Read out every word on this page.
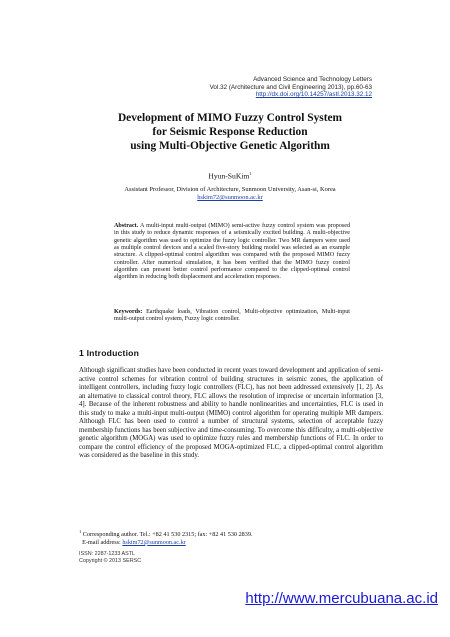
Advanced Science and Technology Letters
Vol.32 (Architecture and Civil Engineering 2013), pp.60-63
http://dx.doi.org/10.14257/astl.2013.32.12
Development of MIMO Fuzzy Control System
for Seismic Response Reduction
using Multi-Objective Genetic Algorithm
Hyun-SuKim$^1$
Assistant Professor, Division of Architecture, Sunmoon University, Asan-si, Korea
hskim72@sunmoon.ac.kr
Abstract. A multi-input multi-output (MIMO) semi-active fuzzy control system was proposed in this study to reduce dynamic responses of a seismically excited building. A multi-objective genetic algorithm was used to optimize the fuzzy logic controller. Two MR dampers were used as multiple control devices and a scaled five-story building model was selected as an example structure. A clipped-optimal control algorithm was compared with the proposed MIMO fuzzy controller. After numerical simulation, it has been verified that the MIMO fuzzy control algorithm can present better control performance compared to the clipped-optimal control algorithm in reducing both displacement and acceleration responses.
Keywords: Earthquake loads, Vibration control, Multi-objective optimization, Multi-input multi-output control system, Fuzzy logic controller.
1 Introduction
Although significant studies have been conducted in recent years toward development and application of semi-active control schemes for vibration control of building structures in seismic zones, the application of intelligent controllers, including fuzzy logic controllers (FLC), has not been addressed extensively [1, 2]. As an alternative to classical control theory, FLC allows the resolution of imprecise or uncertain information [3, 4]. Because of the inherent robustness and ability to handle nonlinearities and uncertainties, FLC is used in this study to make a multi-input multi-output (MIMO) control algorithm for operating multiple MR dampers. Although FLC has been used to control a number of structural systems, selection of acceptable fuzzy membership functions has been subjective and time-consuming. To overcome this difficulty, a multi-objective genetic algorithm (MOGA) was used to optimize fuzzy rules and membership functions of FLC. In order to compare the control efficiency of the proposed MOGA-optimized FLC, a clipped-optimal control algorithm was considered as the baseline in this study.
$^1$ Corresponding author. Tel.: +82 41 530 2315; fax: +82 41 530 2839.
E-mail address: hskim72@sunmoon.ac.kr
ISSN: 2287-1233 ASTL
Copyright © 2013 SERSC
http://www.mercubuana.ac.id
